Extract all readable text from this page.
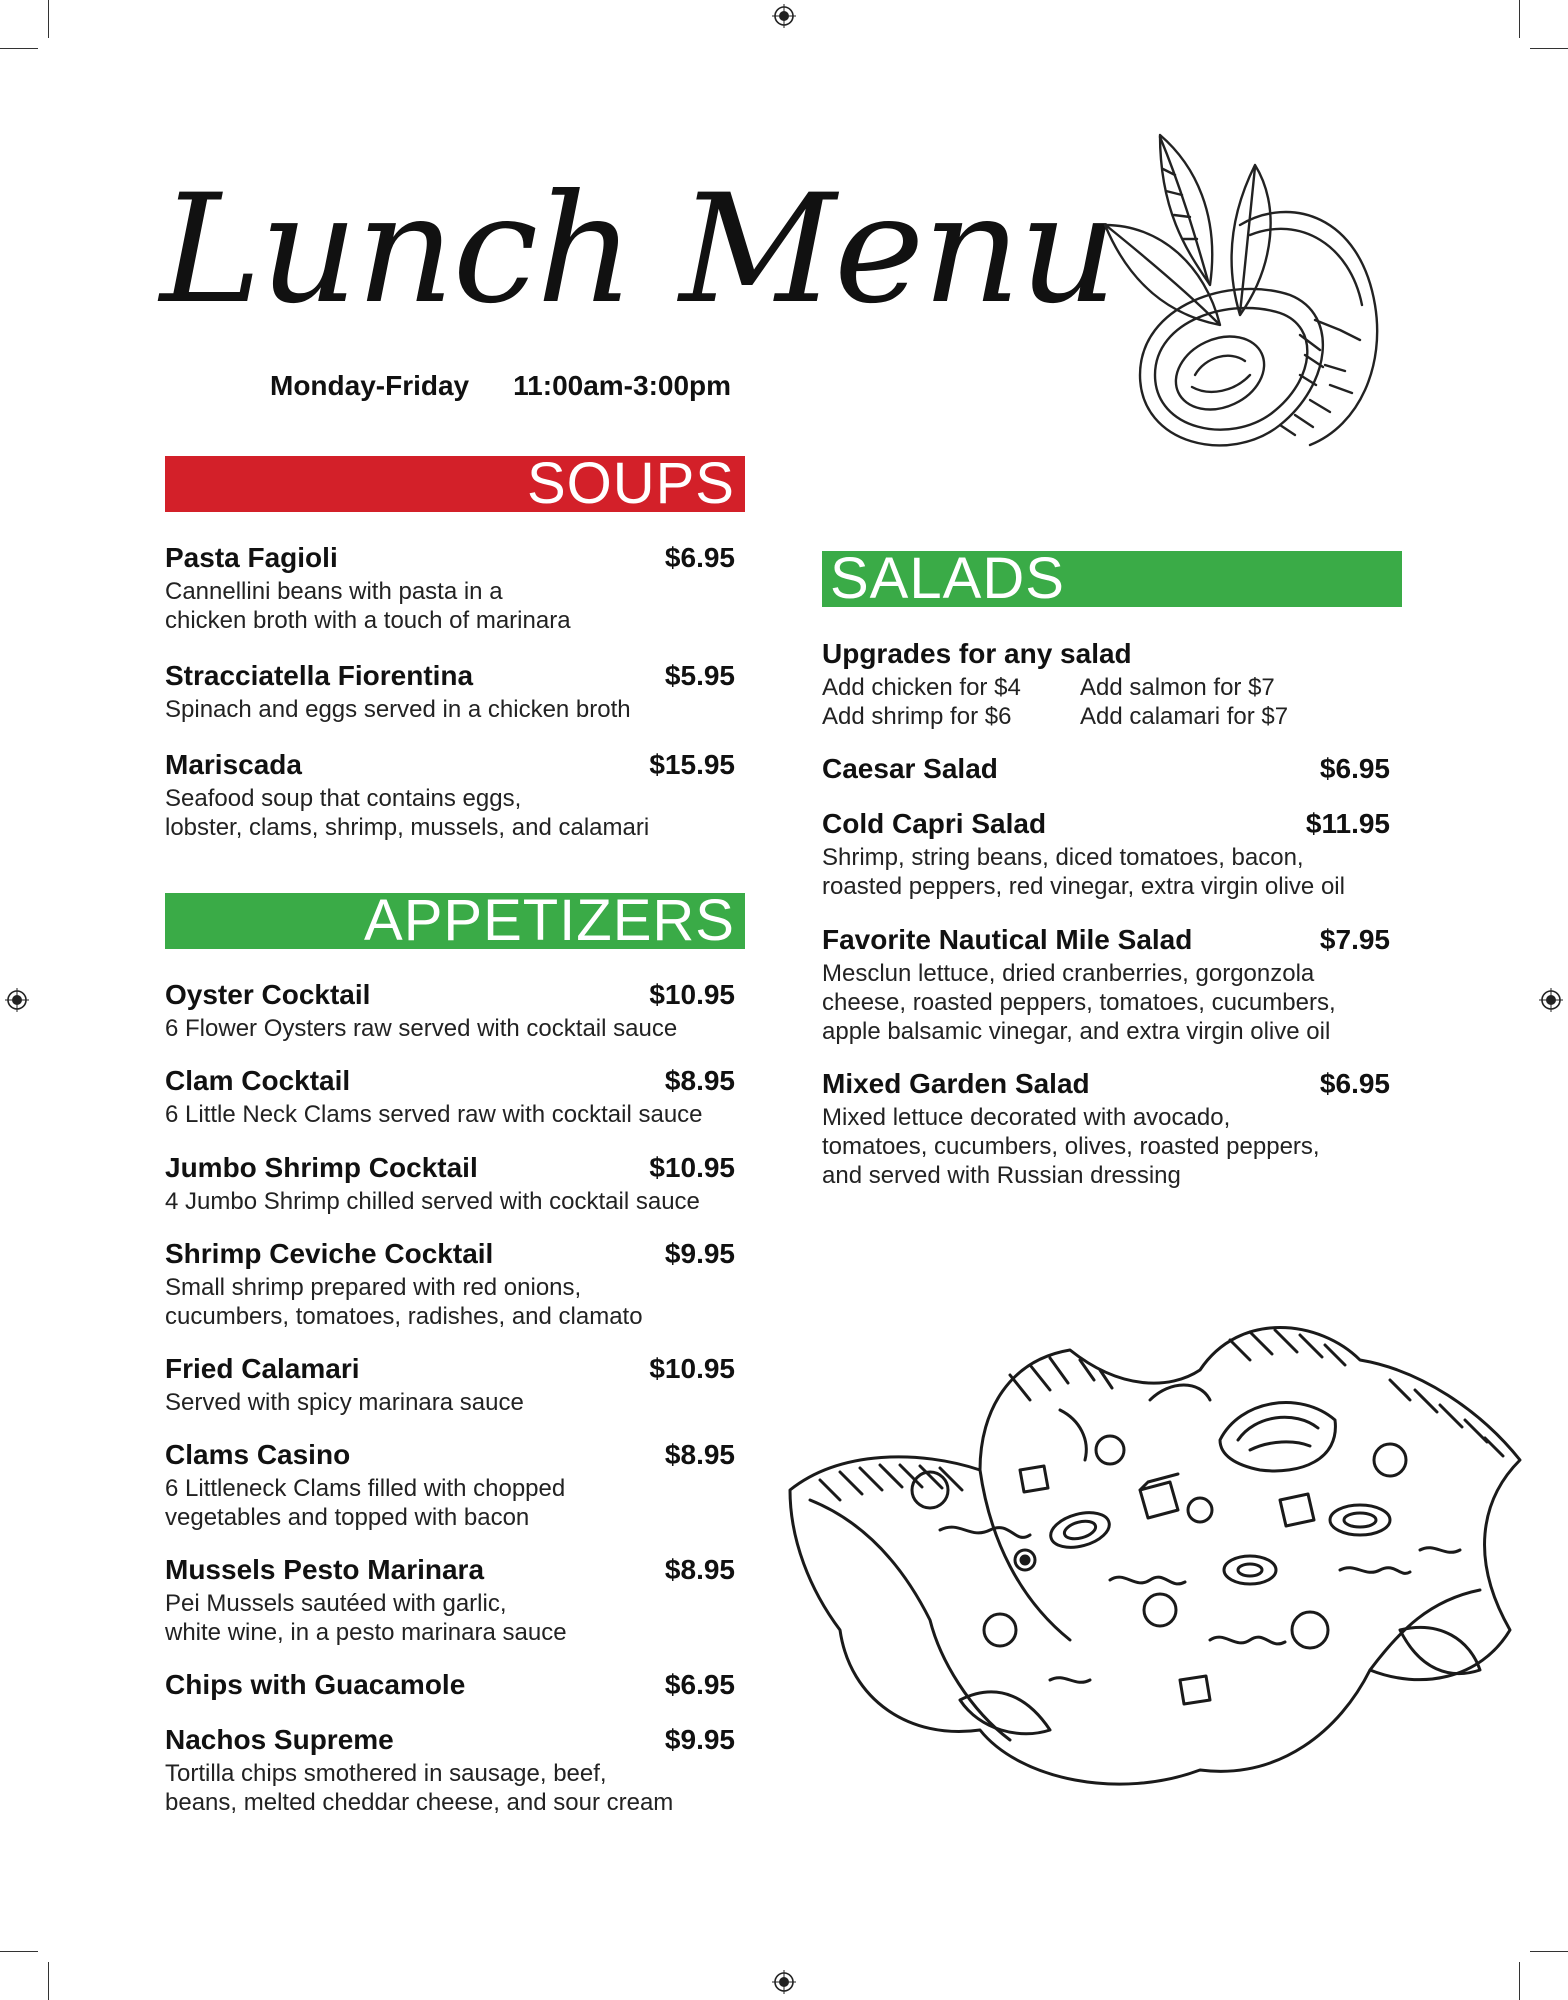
Lunch Menu
Monday-Friday 11:00am-3:00pm
SOUPS
Pasta Fagioli	$6.95
Cannellini beans with pasta in a
chicken broth with a touch of marinara
Stracciatella Fiorentina	$5.95
Spinach and eggs served in a chicken broth
Mariscada	$15.95
Seafood soup that contains eggs,
lobster, clams, shrimp, mussels, and calamari
APPETIZERS
Oyster Cocktail	$10.95
6 Flower Oysters raw served with cocktail sauce
Clam Cocktail	$8.95
6 Little Neck Clams served raw with cocktail sauce
Jumbo Shrimp Cocktail	$10.95
4 Jumbo Shrimp chilled served with cocktail sauce
Shrimp Ceviche Cocktail	$9.95
Small shrimp prepared with red onions,
cucumbers, tomatoes, radishes, and clamato
Fried Calamari	$10.95
Served with spicy marinara sauce
Clams Casino	$8.95
6 Littleneck Clams filled with chopped
vegetables and topped with bacon
Mussels Pesto Marinara	$8.95
Pei Mussels sautéed with garlic,
white wine, in a pesto marinara sauce
Chips with Guacamole	$6.95
Nachos Supreme	$9.95
Tortilla chips smothered in sausage, beef,
beans, melted cheddar cheese, and sour cream
SALADS
Upgrades for any salad
Add chicken for $4	Add salmon for $7
Add shrimp for $6	Add calamari for $7
Caesar Salad	$6.95
Cold Capri Salad	$11.95
Shrimp, string beans, diced tomatoes, bacon,
roasted peppers, red vinegar, extra virgin olive oil
Favorite Nautical Mile Salad	$7.95
Mesclun lettuce, dried cranberries, gorgonzola
cheese, roasted peppers, tomatoes, cucumbers,
apple balsamic vinegar, and extra virgin olive oil
Mixed Garden Salad	$6.95
Mixed lettuce decorated with avocado,
tomatoes, cucumbers, olives, roasted peppers,
and served with Russian dressing
